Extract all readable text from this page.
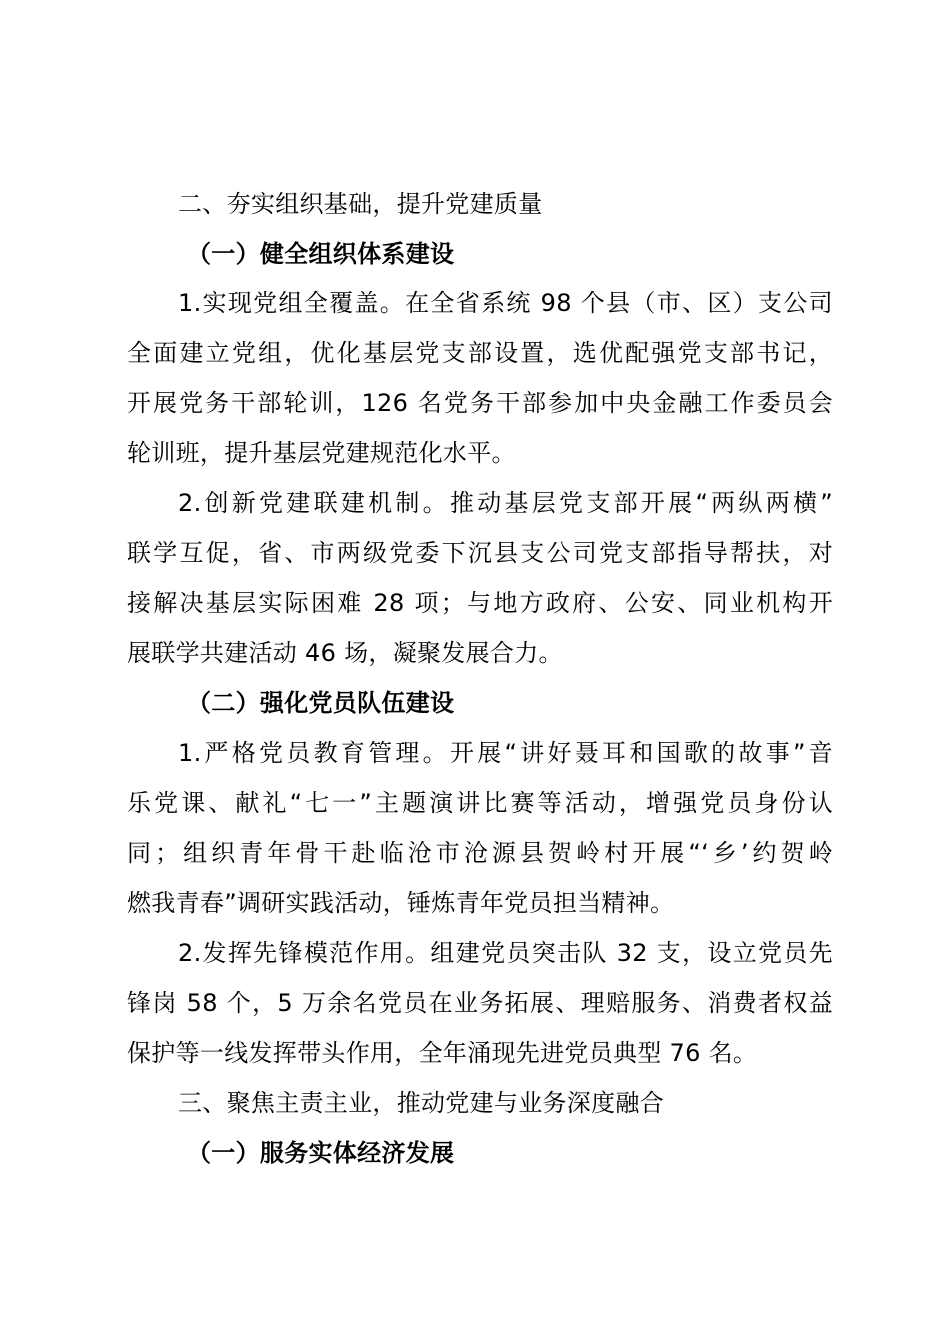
二、夯实组织基础，提升党建质量
（一）健全组织体系建设
1.实现党组全覆盖。在全省系统 98 个县（市、区）支公司
全面建立党组，优化基层党支部设置，选优配强党支部书记，
开展党务干部轮训，126 名党务干部参加中央金融工作委员会
轮训班，提升基层党建规范化水平。
2.创新党建联建机制。推动基层党支部开展“两纵两横”
联学互促，省、市两级党委下沉县支公司党支部指导帮扶，对
接解决基层实际困难 28 项；与地方政府、公安、同业机构开
展联学共建活动 46 场，凝聚发展合力。
（二）强化党员队伍建设
1.严格党员教育管理。开展“讲好聂耳和国歌的故事”音
乐党课、献礼“七一”主题演讲比赛等活动，增强党员身份认
同；组织青年骨干赴临沧市沧源县贺岭村开展“‘乡’约贺岭
燃我青春”调研实践活动，锤炼青年党员担当精神。
2.发挥先锋模范作用。组建党员突击队 32 支，设立党员先
锋岗 58 个，5 万余名党员在业务拓展、理赔服务、消费者权益
保护等一线发挥带头作用，全年涌现先进党员典型 76 名。
三、聚焦主责主业，推动党建与业务深度融合
（一）服务实体经济发展
